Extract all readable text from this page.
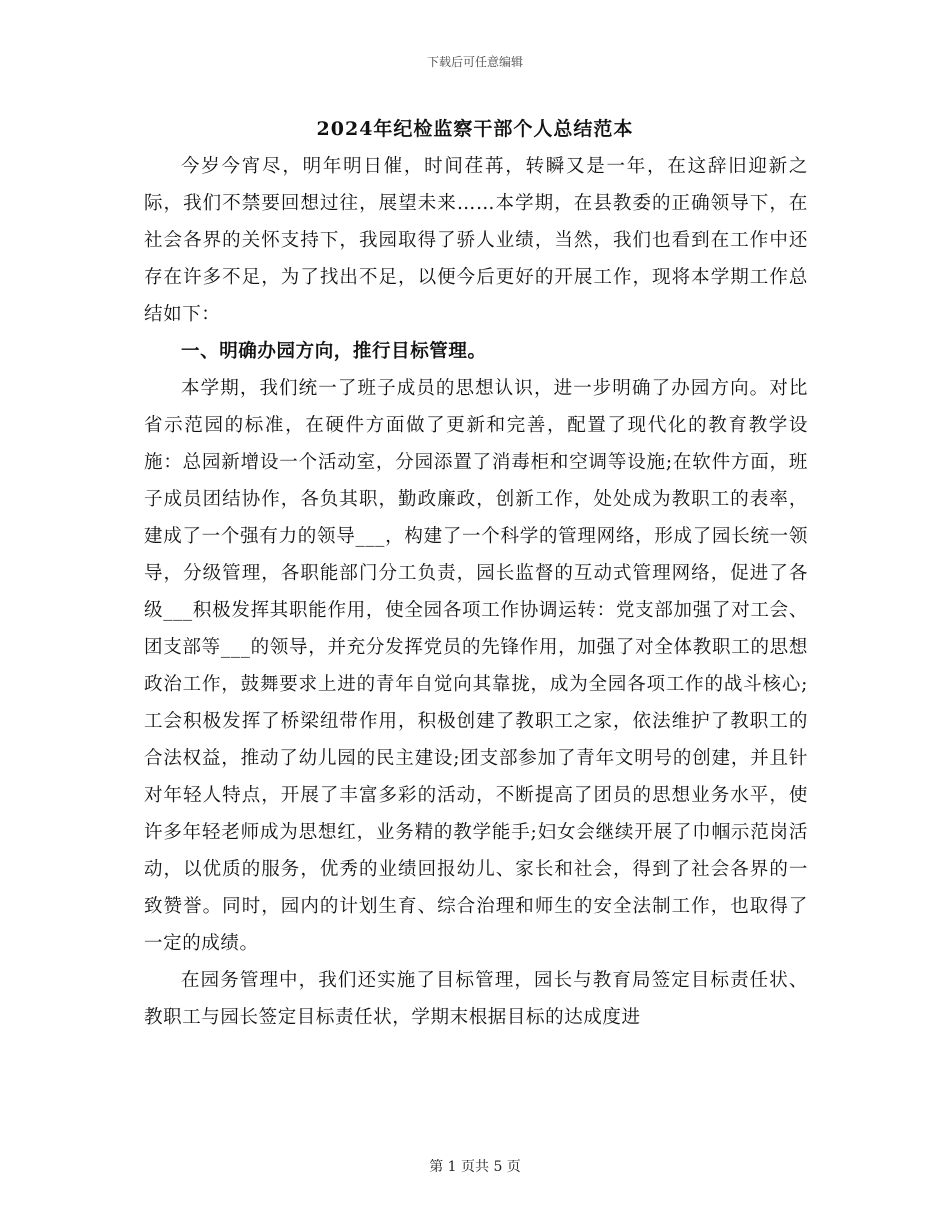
下载后可任意编辑
2024年纪检监察干部个人总结范本

今岁今宵尽，明年明日催，时间荏苒，转瞬又是一年，在这辞旧迎新之际，我们不禁要回想过往，展望未来……本学期，在县教委的正确领导下，在社会各界的关怀支持下，我园取得了骄人业绩，当然，我们也看到在工作中还存在许多不足，为了找出不足，以便今后更好的开展工作，现将本学期工作总结如下：

一、明确办园方向，推行目标管理。

本学期，我们统一了班子成员的思想认识，进一步明确了办园方向。对比省示范园的标准，在硬件方面做了更新和完善，配置了现代化的教育教学设施：总园新增设一个活动室，分园添置了消毒柜和空调等设施;在软件方面，班子成员团结协作，各负其职，勤政廉政，创新工作，处处成为教职工的表率，建成了一个强有力的领导___，构建了一个科学的管理网络，形成了园长统一领导，分级管理，各职能部门分工负责，园长监督的互动式管理网络，促进了各级___积极发挥其职能作用，使全园各项工作协调运转：党支部加强了对工会、团支部等___的领导，并充分发挥党员的先锋作用，加强了对全体教职工的思想政治工作，鼓舞要求上进的青年自觉向其靠拢，成为全园各项工作的战斗核心;工会积极发挥了桥梁纽带作用，积极创建了教职工之家，依法维护了教职工的合法权益，推动了幼儿园的民主建设;团支部参加了青年文明号的创建，并且针对年轻人特点，开展了丰富多彩的活动，不断提高了团员的思想业务水平，使许多年轻老师成为思想红，业务精的教学能手;妇女会继续开展了巾帼示范岗活动，以优质的服务，优秀的业绩回报幼儿、家长和社会，得到了社会各界的一致赞誉。同时，园内的计划生育、综合治理和师生的安全法制工作，也取得了一定的成绩。

在园务管理中，我们还实施了目标管理，园长与教育局签定目标责任状、教职工与园长签定目标责任状，学期末根据目标的达成度进

第 1 页共 5 页
